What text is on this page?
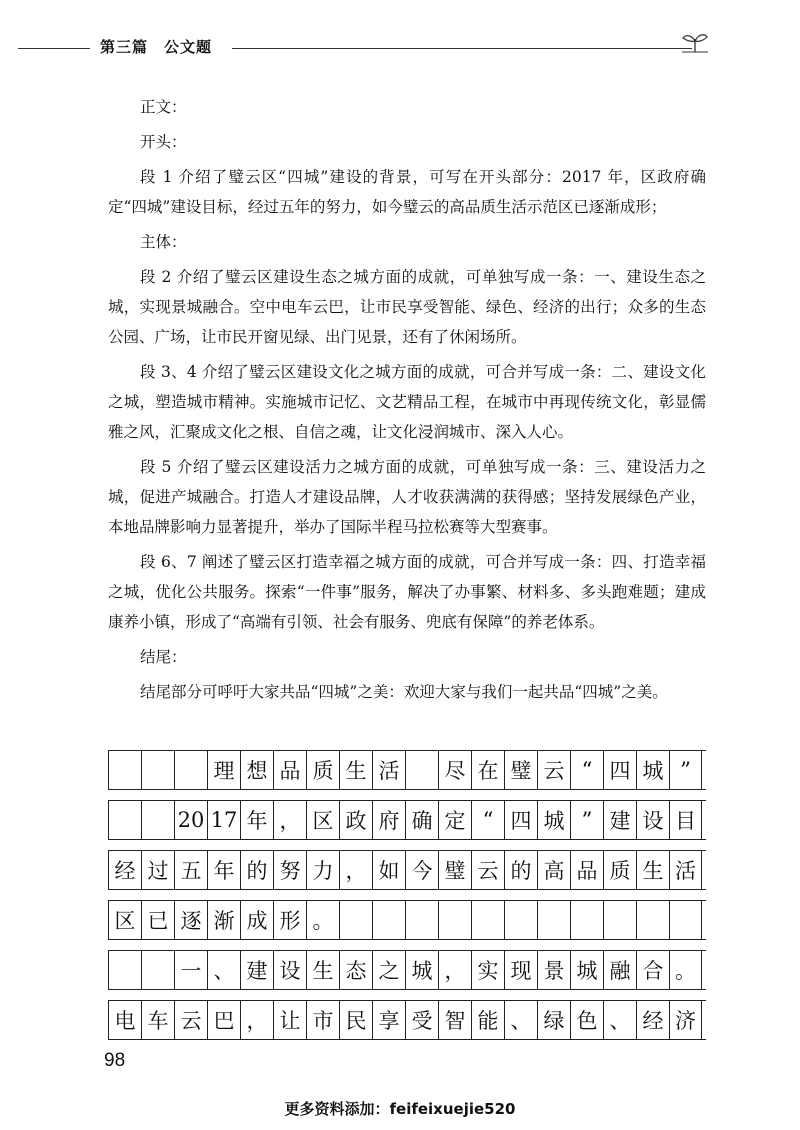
第三篇　公文题

正文：

开头：

段 1 介绍了璧云区“四城”建设的背景，可写在开头部分：2017 年，区政府确定“四城”建设目标，经过五年的努力，如今璧云的高品质生活示范区已逐渐成形；

主体：

段 2 介绍了璧云区建设生态之城方面的成就，可单独写成一条：一、建设生态之城，实现景城融合。空中电车云巴，让市民享受智能、绿色、经济的出行；众多的生态公园、广场，让市民开窗见绿、出门见景，还有了休闲场所。

段 3、4 介绍了璧云区建设文化之城方面的成就，可合并写成一条：二、建设文化之城，塑造城市精神。实施城市记忆、文艺精品工程，在城市中再现传统文化，彰显儒雅之风，汇聚成文化之根、自信之魂，让文化浸润城市、深入人心。

段 5 介绍了璧云区建设活力之城方面的成就，可单独写成一条：三、建设活力之城，促进产城融合。打造人才建设品牌，人才收获满满的获得感；坚持发展绿色产业，本地品牌影响力显著提升，举办了国际半程马拉松赛等大型赛事。

段 6、7 阐述了璧云区打造幸福之城方面的成就，可合并写成一条：四、打造幸福之城，优化公共服务。探索“一件事”服务，解决了办事繁、材料多、多头跑难题；建成康养小镇，形成了“高端有引领、社会有服务、兜底有保障”的养老体系。

结尾：

结尾部分可呼吁大家共品“四城”之美：欢迎大家与我们一起共品“四城”之美。

理 想 品 质 生 活	尽 在 璧 云 “ 四 城 ”
20 17 年 ， 区 政 府 确 定 “ 四 城 ” 建 设 目
经 过 五 年 的 努 力 ， 如 今 璧 云 的 高 品 质 生 活
区 已 逐 渐 成 形 。
一 、 建 设 生 态 之 城 ， 实 现 景 城 融 合 。
电 车 云 巴 ， 让 市 民 享 受 智 能 、 绿 色 、 经 济
98
更多资料添加：feifeixuejie520
